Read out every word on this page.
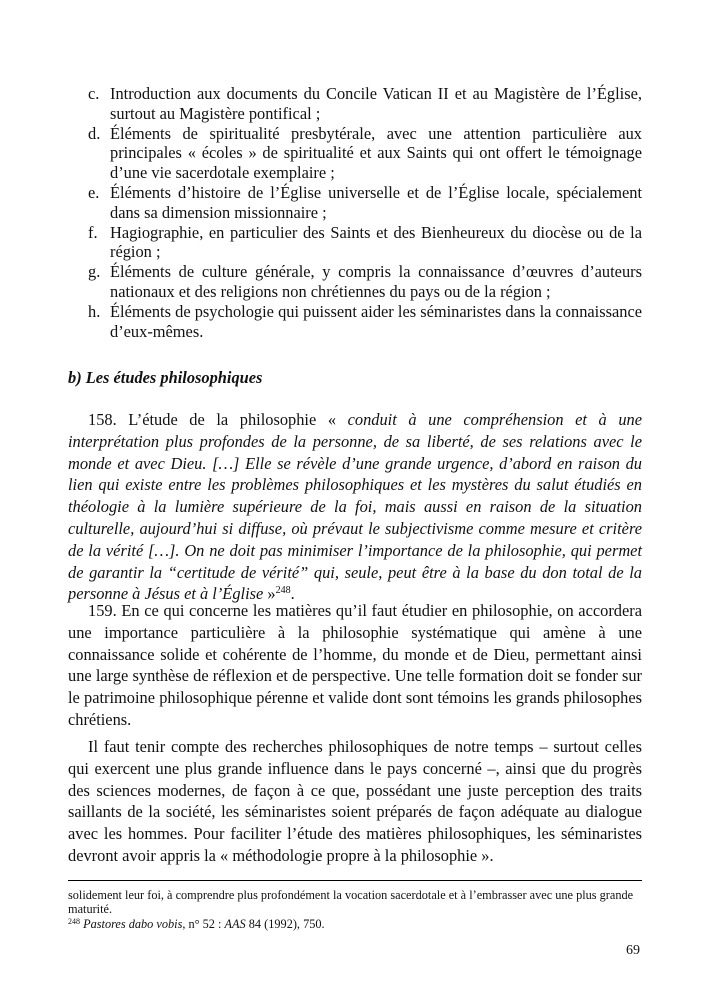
c. Introduction aux documents du Concile Vatican II et au Magistère de l’Église, surtout au Magistère pontifical ;
d. Éléments de spiritualité presbytérale, avec une attention particulière aux principales « écoles » de spiritualité et aux Saints qui ont offert le témoignage d’une vie sacerdotale exemplaire ;
e. Éléments d’histoire de l’Église universelle et de l’Église locale, spécialement dans sa dimension missionnaire ;
f. Hagiographie, en particulier des Saints et des Bienheureux du diocèse ou de la région ;
g. Éléments de culture générale, y compris la connaissance d’œuvres d’auteurs nationaux et des religions non chrétiennes du pays ou de la région ;
h. Éléments de psychologie qui puissent aider les séminaristes dans la connaissance d’eux-mêmes.
b) Les études philosophiques
158. L’étude de la philosophie « conduit à une compréhension et à une interprétation plus profondes de la personne, de sa liberté, de ses relations avec le monde et avec Dieu. […] Elle se révèle d’une grande urgence, d’abord en raison du lien qui existe entre les problèmes philosophiques et les mystères du salut étudiés en théologie à la lumière supérieure de la foi, mais aussi en raison de la situation culturelle, aujourd’hui si diffuse, où prévaut le subjectivisme comme mesure et critère de la vérité […]. On ne doit pas minimiser l’importance de la philosophie, qui permet de garantir la “certitude de vérité” qui, seule, peut être à la base du don total de la personne à Jésus et à l’Église »$^{248}$.
159. En ce qui concerne les matières qu’il faut étudier en philosophie, on accordera une importance particulière à la philosophie systématique qui amène à une connaissance solide et cohérente de l’homme, du monde et de Dieu, permettant ainsi une large synthèse de réflexion et de perspective. Une telle formation doit se fonder sur le patrimoine philosophique pérenne et valide dont sont témoins les grands philosophes chrétiens.
Il faut tenir compte des recherches philosophiques de notre temps – surtout celles qui exercent une plus grande influence dans le pays concerné –, ainsi que du progrès des sciences modernes, de façon à ce que, possédant une juste perception des traits saillants de la société, les séminaristes soient préparés de façon adéquate au dialogue avec les hommes. Pour faciliter l’étude des matières philosophiques, les séminaristes devront avoir appris la « méthodologie propre à la philosophie ».
solidement leur foi, à comprendre plus profondément la vocation sacerdotale et à l’embrasser avec une plus grande maturité.
$^{248}$ Pastores dabo vobis, n° 52 : AAS 84 (1992), 750.
69
